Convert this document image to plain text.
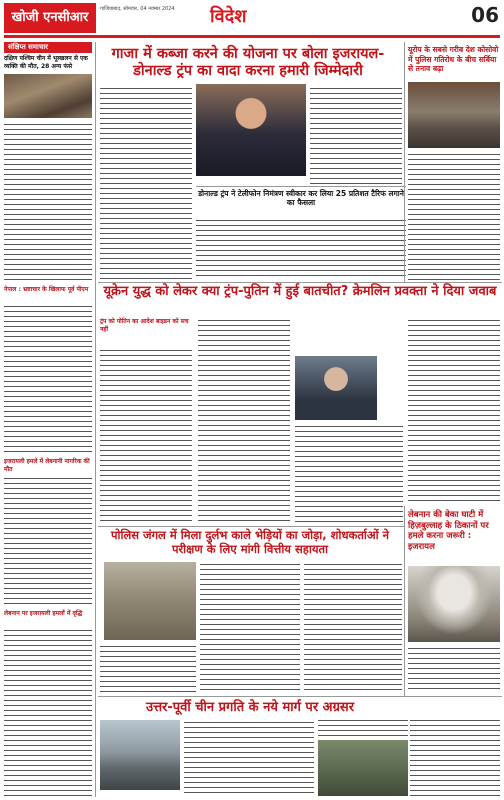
खोजी एनसीआर
गाजियाबाद, सोमवार, 04 नवम्बर 2024	विदेश	06
संक्षिप्त समाचार
दक्षिण पश्चिम चीन में भूस्खलन से एक व्यक्ति की मौत, 28 अन्य फंसे
नेपाल : भ्रष्टाचार के खिलाफ पूर्व पीएम
इजरायली हमले में लेबनानी नागरिक की मौत
लेबनान पर इजरायली हमलों में वृद्धि
गाजा में कब्जा करने की योजना पर बोला इजरायल- डोनाल्ड ट्रंप का वादा करना हमारी जिम्मेदारी
डोनाल्ड ट्रंप ने टेलीफोन निमंत्रण स्वीकार कर लिया 25 प्रतिशत टैरिफ लगाने का फैसला
यूरोप के सबसे गरीब देश कोसोवो में पुलिस गतिरोध के बीच सर्बिया से तनाव बढ़ा
यूक्रेन युद्ध को लेकर क्या ट्रंप-पुतिन में हुई बातचीत? क्रेमलिन प्रवक्ता ने दिया जवाब
ट्रंप को पोतिन का आदेश बाइडन को सच नहीं
पोलिस जंगल में मिला दुर्लभ काले भेड़ियों का जोड़ा, शोधकर्ताओं ने परीक्षण के लिए मांगी वित्तीय सहायता
लेबनान की बेका घाटी में हिज़बुल्लाह के ठिकानों पर हमले करना जरूरी : इजरायल
उत्तर-पूर्वी चीन प्रगति के नये मार्ग पर अग्रसर
